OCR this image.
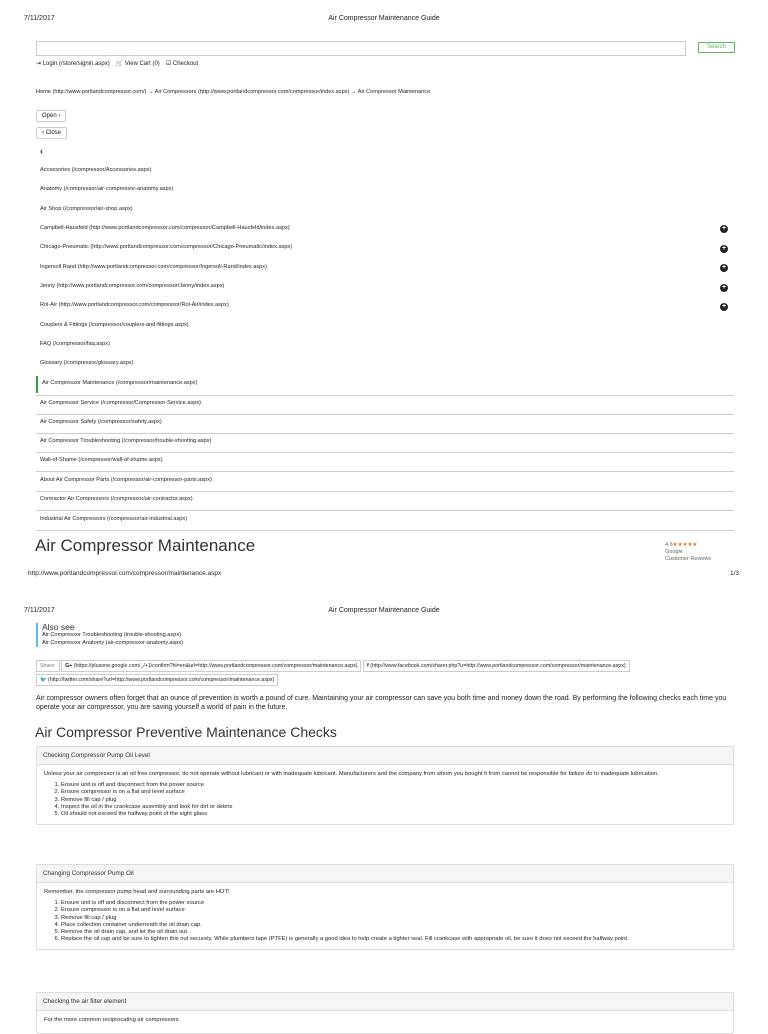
7/11/2017	Air Compressor Maintenance Guide
Search
⇥ Login (/store/signin.aspx) 🛒 View Cart (0) ☑ Checkout
Home (http://www.portlandcompressor.com/) → Air Compressors (http://www.portlandcompressor.com/compressor/index.aspx) → Air Compressor Maintenance
Open ›
‹ Close
‹
Accessories (/compressor/Accessories.aspx)
Anatomy (/compressor/air-compressor-anatomy.aspx)
Air Shop (/compressor/air-shop.aspx)
Campbell-Hausfeld (http://www.portlandcompressor.com/compressor/Campbell-Hausfeld/index.aspx)	+
Chicago-Pneumatic (http://www.portlandcompressor.com/compressor/Chicago-Pneumatic/index.aspx)	+
Ingersoll Rand (http://www.portlandcompressor.com/compressor/Ingersoll-Rand/index.aspx)	+
Jenny (http://www.portlandcompressor.com/compressor/Jenny/index.aspx)	+
Rol-Air (http://www.portlandcompressor.com/compressor/Rol-Air/index.aspx)	+
Couplers & Fittings (/compressor/couplers-and-fittings.aspx)
FAQ (/compressor/faq.aspx)
Glossary (/compressor/glossary.aspx)
Air Compressor Maintenance (/compressor/maintenance.aspx)
Air Compressor Service (/compressor/Compressor-Service.aspx)
Air Compressor Safety (/compressor/safety.aspx)
Air Compressor Troubleshooting (/compressor/trouble-shooting.aspx)
Wall-of-Shame (/compressor/wall-of-shame.aspx)
About Air Compressor Parts (/compressor/air-compressor-parts.aspx)
Contractor Air Compressors (/compressor/air-contractor.aspx)
Industrial Air Compressors (/compressor/air-industrial.aspx)
Air Compressor Maintenance	4.6★★★★★
Google
Customer Reviews
http://www.portlandcompressor.com/compressor/maintenance.aspx	1/3
7/11/2017	Air Compressor Maintenance Guide
Also see
Air Compressor Troubleshooting (trouble-shooting.aspx)
Air Compressor Anatomy (air-compressor-anatomy.aspx)
Share: G+ (https://plusone.google.com/_/+1/confirm?hl=en&url=http://www.portlandcompressor.com/compressor/maintenance.aspx) f (http://www.facebook.com/sharer.php?u=http://www.portlandcompressor.com/compressor/maintenance.aspx)
🐦 (http://twitter.com/share?url=http://www.portlandcompressor.com/compressor/maintenance.aspx)
Air compressor owners often forget that an ounce of prevention is worth a pound of cure. Maintaining your air compressor can save you both time and money down the road. By performing the following checks each time you operate your air compressor, you are saving yourself a world of pain in the future.
Air Compressor Preventive Maintenance Checks
Checking Compressor Pump Oil Level

Unless your air compressor is an oil free compressor, do not operate without lubricant or with inadequate lubricant. Manufacturers and the company from whom you bought it from cannot be responsible for failure do to inadequate lubrication.

1. Ensure unit is off and disconnect from the power source
2. Ensure compressor is on a flat and level surface
3. Remove fill cap / plug
4. Inspect the oil in the crankcase assembly and look for dirt or debris
5. Oil should not exceed the halfway point of the sight glass
Changing Compressor Pump Oil

Remember, the compressor pump head and surrounding parts are HOT!

1. Ensure unit is off and disconnect from the power source
2. Ensure compressor is on a flat and level surface
3. Remove fill cap / plug
4. Place collection container underneath the oil drain cap.
5. Remove the oil drain cap, and let the oil drain out.
6. Replace the oil cap and be sure to tighten this nut securely. While plumbers tape (PTFE) is generally a good idea to help create a tighter seal. Fill crankcase with appropriate oil, be sure it does not exceed the halfway point.
Checking the air filter element

For the more common reciprocating air compressors
